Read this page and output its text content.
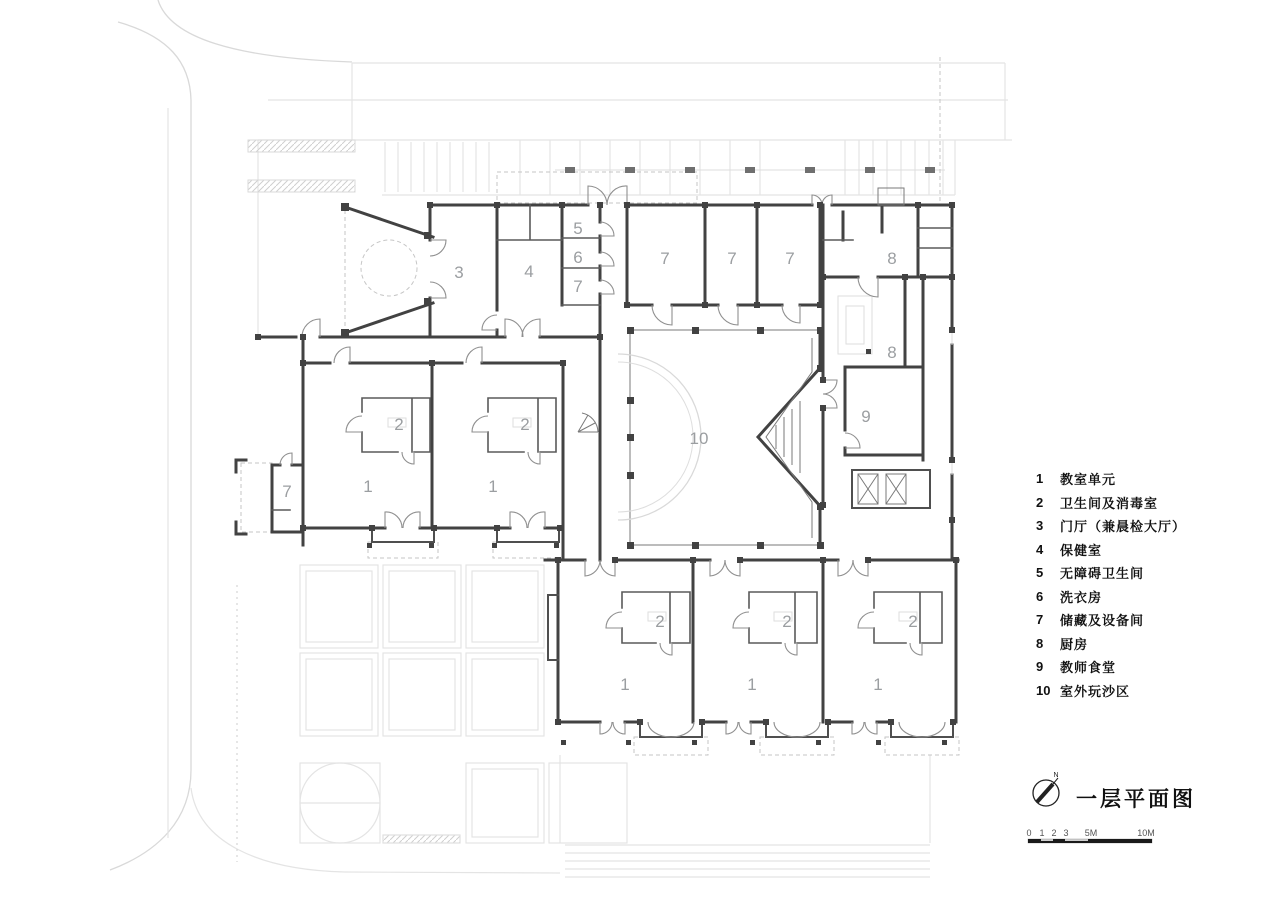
3	4
5
6
7
7	7	7	8
8
9
10
2	2
7	1	1
2	2	2
1	1	1
N
0 1 2 3 5M	10M
1	教室单元
2	卫生间及消毒室
3	门厅（兼晨检大厅）
4	保健室
5	无障碍卫生间
6	洗衣房
7	储藏及设备间
8	厨房
9	教师食堂
10 室外玩沙区
一层平面图
